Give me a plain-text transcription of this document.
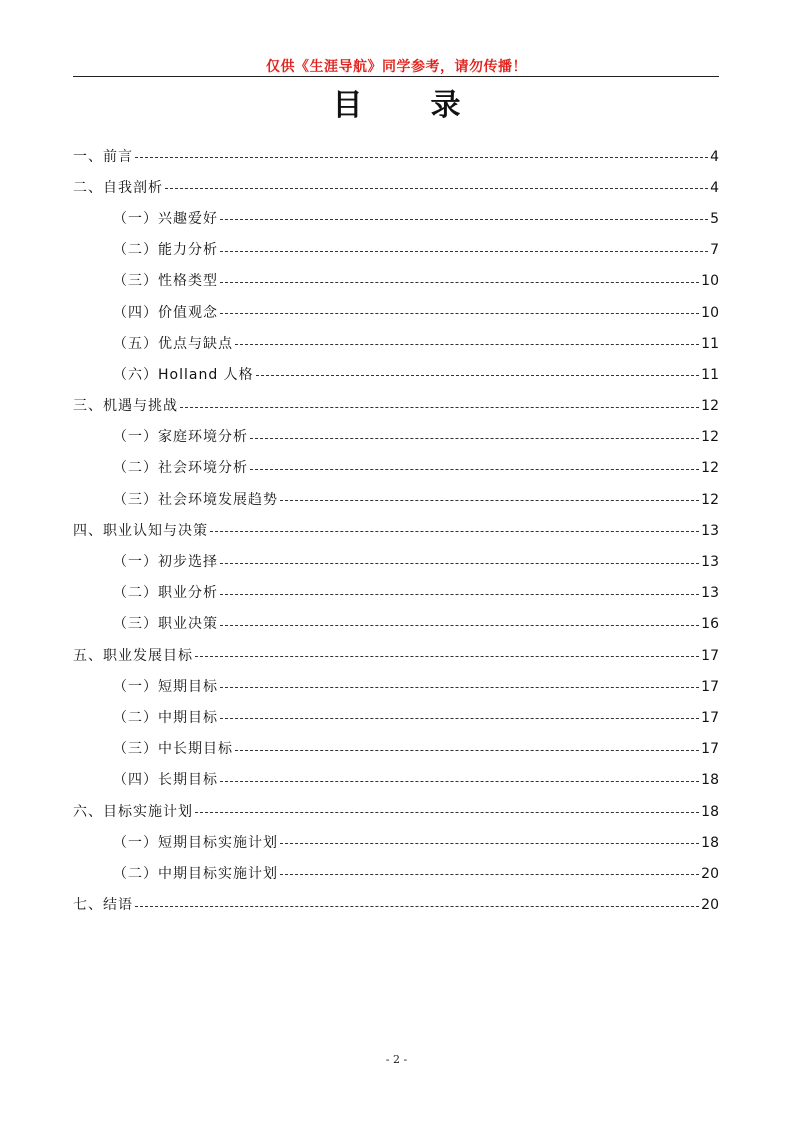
仅供《生涯导航》同学参考，请勿传播！
目 录
一、前言	4
二、自我剖析	4
（一）兴趣爱好	5
（二）能力分析	7
（三）性格类型	10
（四）价值观念	10
（五）优点与缺点	11
（六）Holland 人格	11
三、机遇与挑战	12
（一）家庭环境分析	12
（二）社会环境分析	12
（三）社会环境发展趋势	12
四、职业认知与决策	13
（一）初步选择	13
（二）职业分析	13
（三）职业决策	16
五、职业发展目标	17
（一）短期目标	17
（二）中期目标	17
（三）中长期目标	17
（四）长期目标	18
六、目标实施计划	18
（一）短期目标实施计划	18
（二）中期目标实施计划	20
七、结语	20
- 2 -
